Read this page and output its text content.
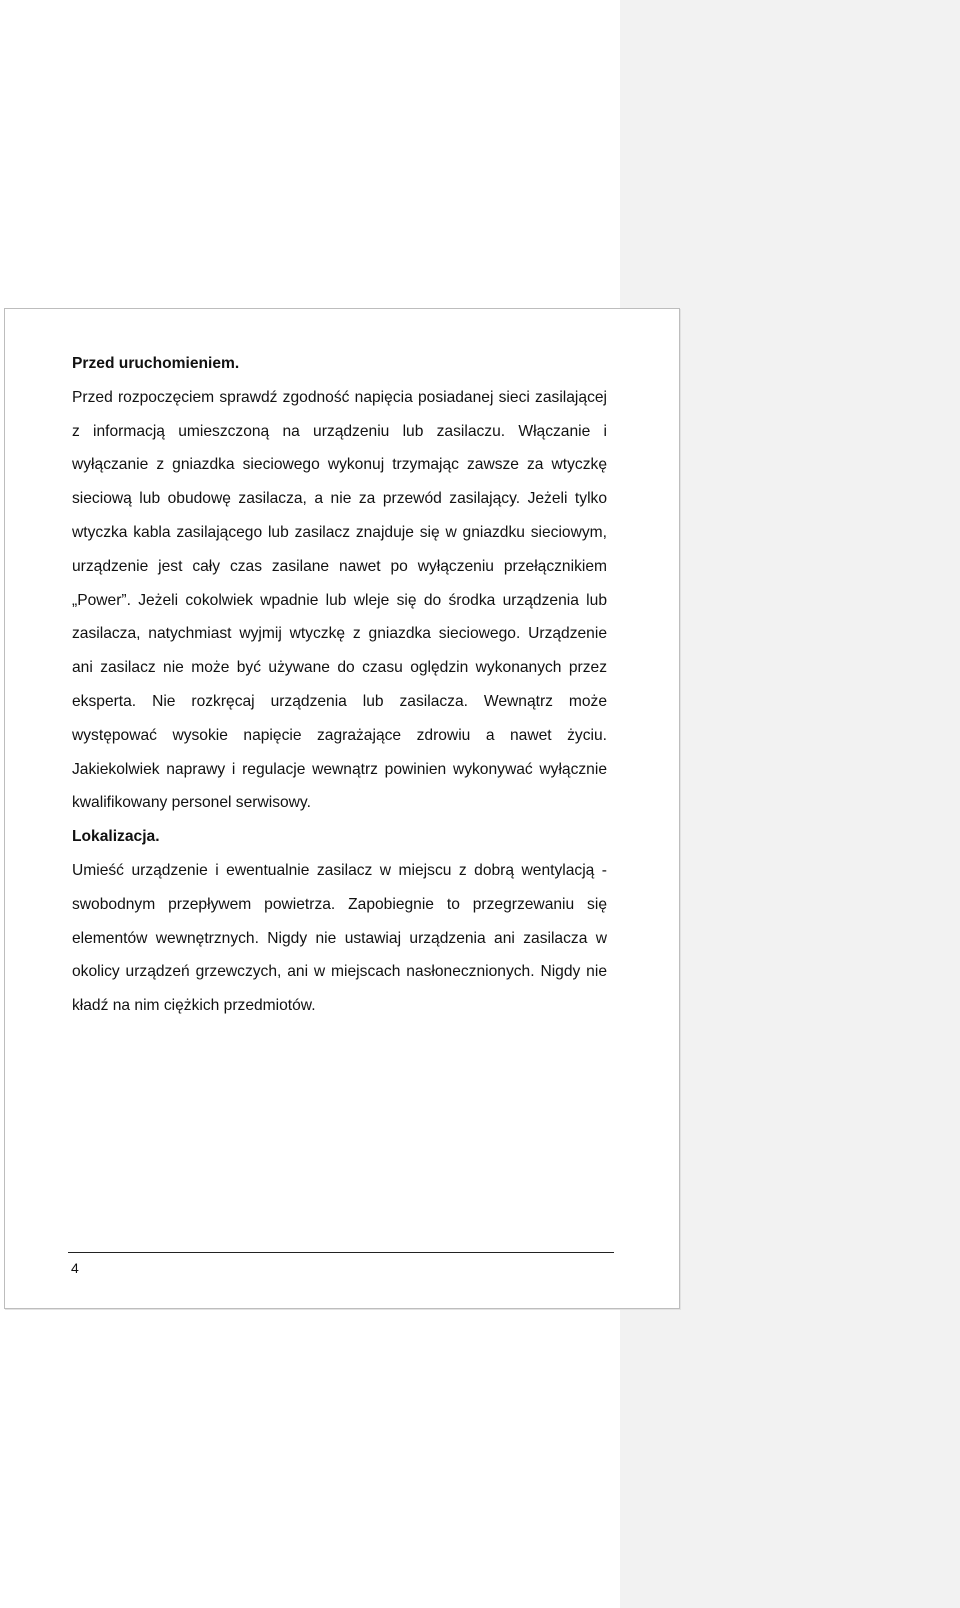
Przed uruchomieniem.

Przed rozpoczęciem sprawdź zgodność napięcia posiadanej sieci zasilającej z informacją umieszczoną na urządzeniu lub zasilaczu. Włączanie i wyłączanie z gniazdka sieciowego wykonuj trzymając zawsze za wtyczkę sieciową lub obudowę zasilacza, a nie za przewód zasilający. Jeżeli tylko wtyczka kabla zasilającego lub zasilacz znajduje się w gniazdku sieciowym, urządzenie jest cały czas zasilane nawet po wyłączeniu przełącznikiem „Power”. Jeżeli cokolwiek wpadnie lub wleje się do środka urządzenia lub zasilacza, natychmiast wyjmij wtyczkę z gniazdka sieciowego. Urządzenie ani zasilacz nie może być używane do czasu oględzin wykonanych przez eksperta. Nie rozkręcaj urządzenia lub zasilacza. Wewnątrz może występować wysokie napięcie zagrażające zdrowiu a nawet życiu. Jakiekolwiek naprawy i regulacje wewnątrz powinien wykonywać wyłącznie kwalifikowany personel serwisowy.

Lokalizacja.

Umieść urządzenie i ewentualnie zasilacz w miejscu z dobrą wentylacją - swobodnym przepływem powietrza. Zapobiegnie to przegrzewaniu się elementów wewnętrznych. Nigdy nie ustawiaj urządzenia ani zasilacza w okolicy urządzeń grzewczych, ani w miejscach nasłonecznionych. Nigdy nie kładź na nim ciężkich przedmiotów.

4
